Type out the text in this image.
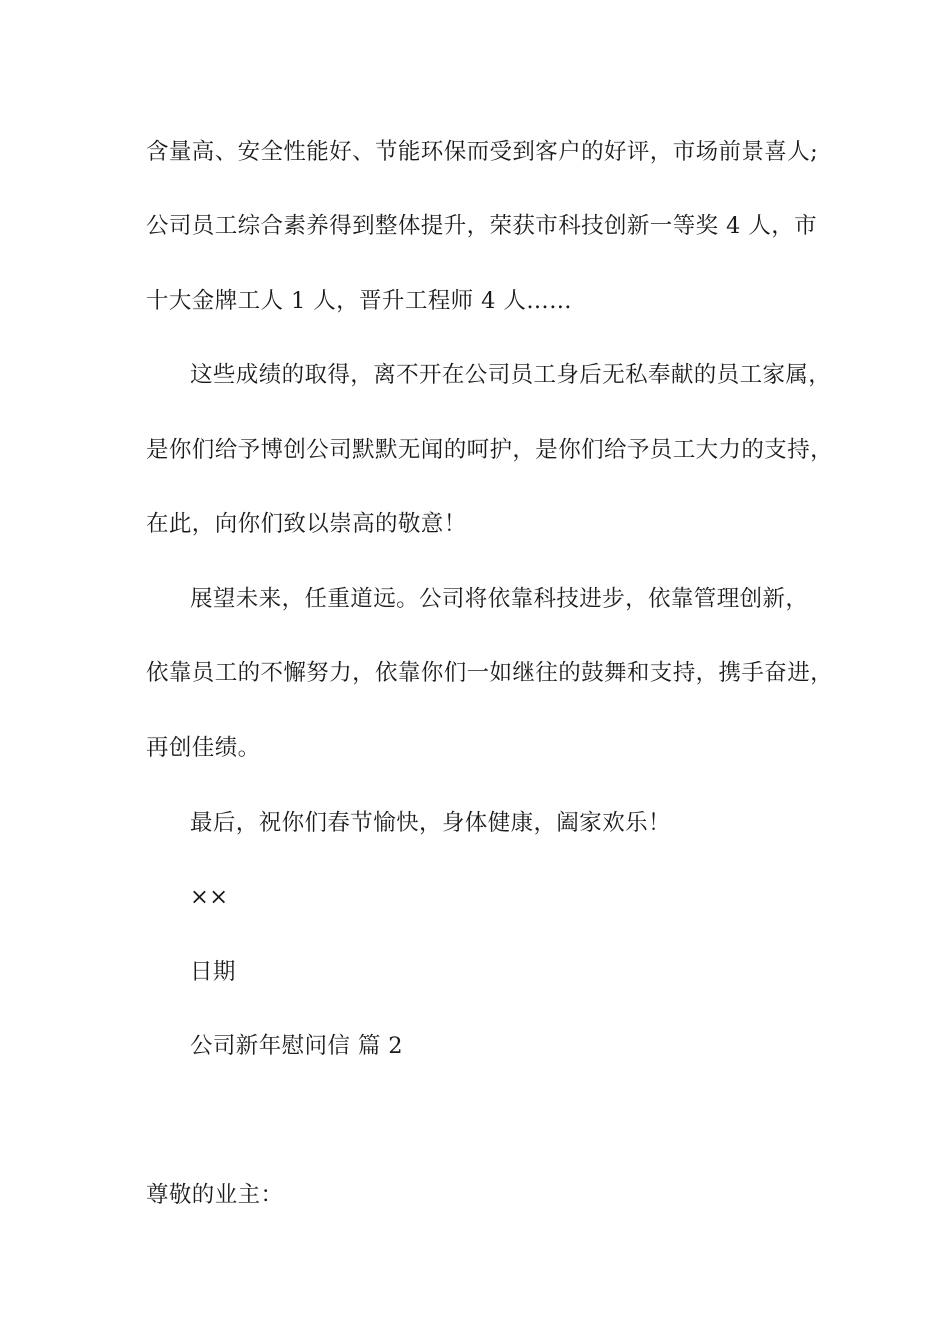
含量高、安全性能好、节能环保而受到客户的好评，市场前景喜人;
公司员工综合素养得到整体提升，荣获市科技创新一等奖 4 人，市
十大金牌工人 1 人，晋升工程师 4 人……
这些成绩的取得，离不开在公司员工身后无私奉献的员工家属，
是你们给予博创公司默默无闻的呵护，是你们给予员工大力的支持，
在此，向你们致以崇高的敬意！
展望未来，任重道远。公司将依靠科技进步，依靠管理创新，
依靠员工的不懈努力，依靠你们一如继往的鼓舞和支持，携手奋进，
再创佳绩。
最后，祝你们春节愉快，身体健康，阖家欢乐！
××
日期
公司新年慰问信 篇 2
尊敬的业主：
